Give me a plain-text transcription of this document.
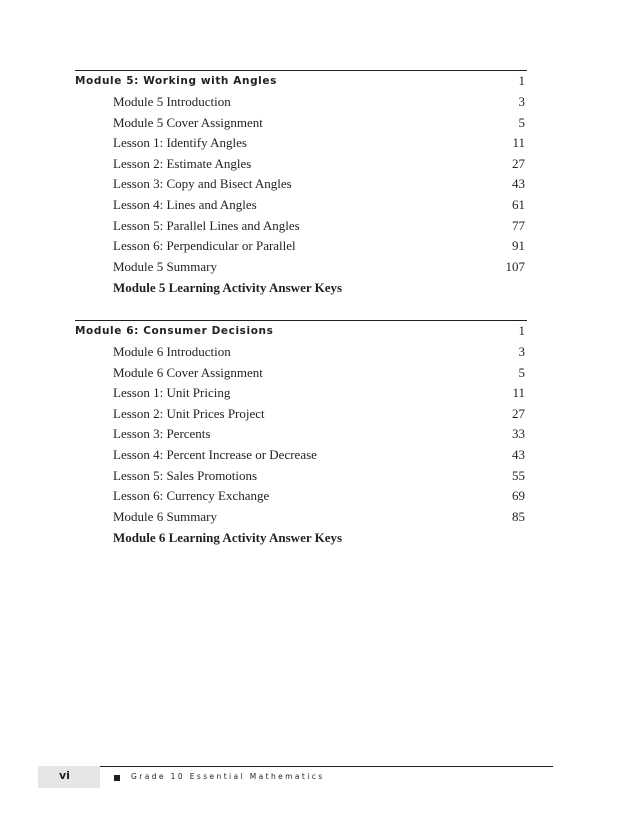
Module 5: Working with Angles	1
Module 5 Introduction	3
Module 5 Cover Assignment	5
Lesson 1: Identify Angles	11
Lesson 2: Estimate Angles	27
Lesson 3: Copy and Bisect Angles	43
Lesson 4: Lines and Angles	61
Lesson 5: Parallel Lines and Angles	77
Lesson 6: Perpendicular or Parallel	91
Module 5 Summary	107
Module 5 Learning Activity Answer Keys
Module 6: Consumer Decisions	1
Module 6 Introduction	3
Module 6 Cover Assignment	5
Lesson 1: Unit Pricing	11
Lesson 2: Unit Prices Project	27
Lesson 3: Percents	33
Lesson 4: Percent Increase or Decrease	43
Lesson 5: Sales Promotions	55
Lesson 6: Currency Exchange	69
Module 6 Summary	85
Module 6 Learning Activity Answer Keys
vi	Grade 10 Essential Mathematics
